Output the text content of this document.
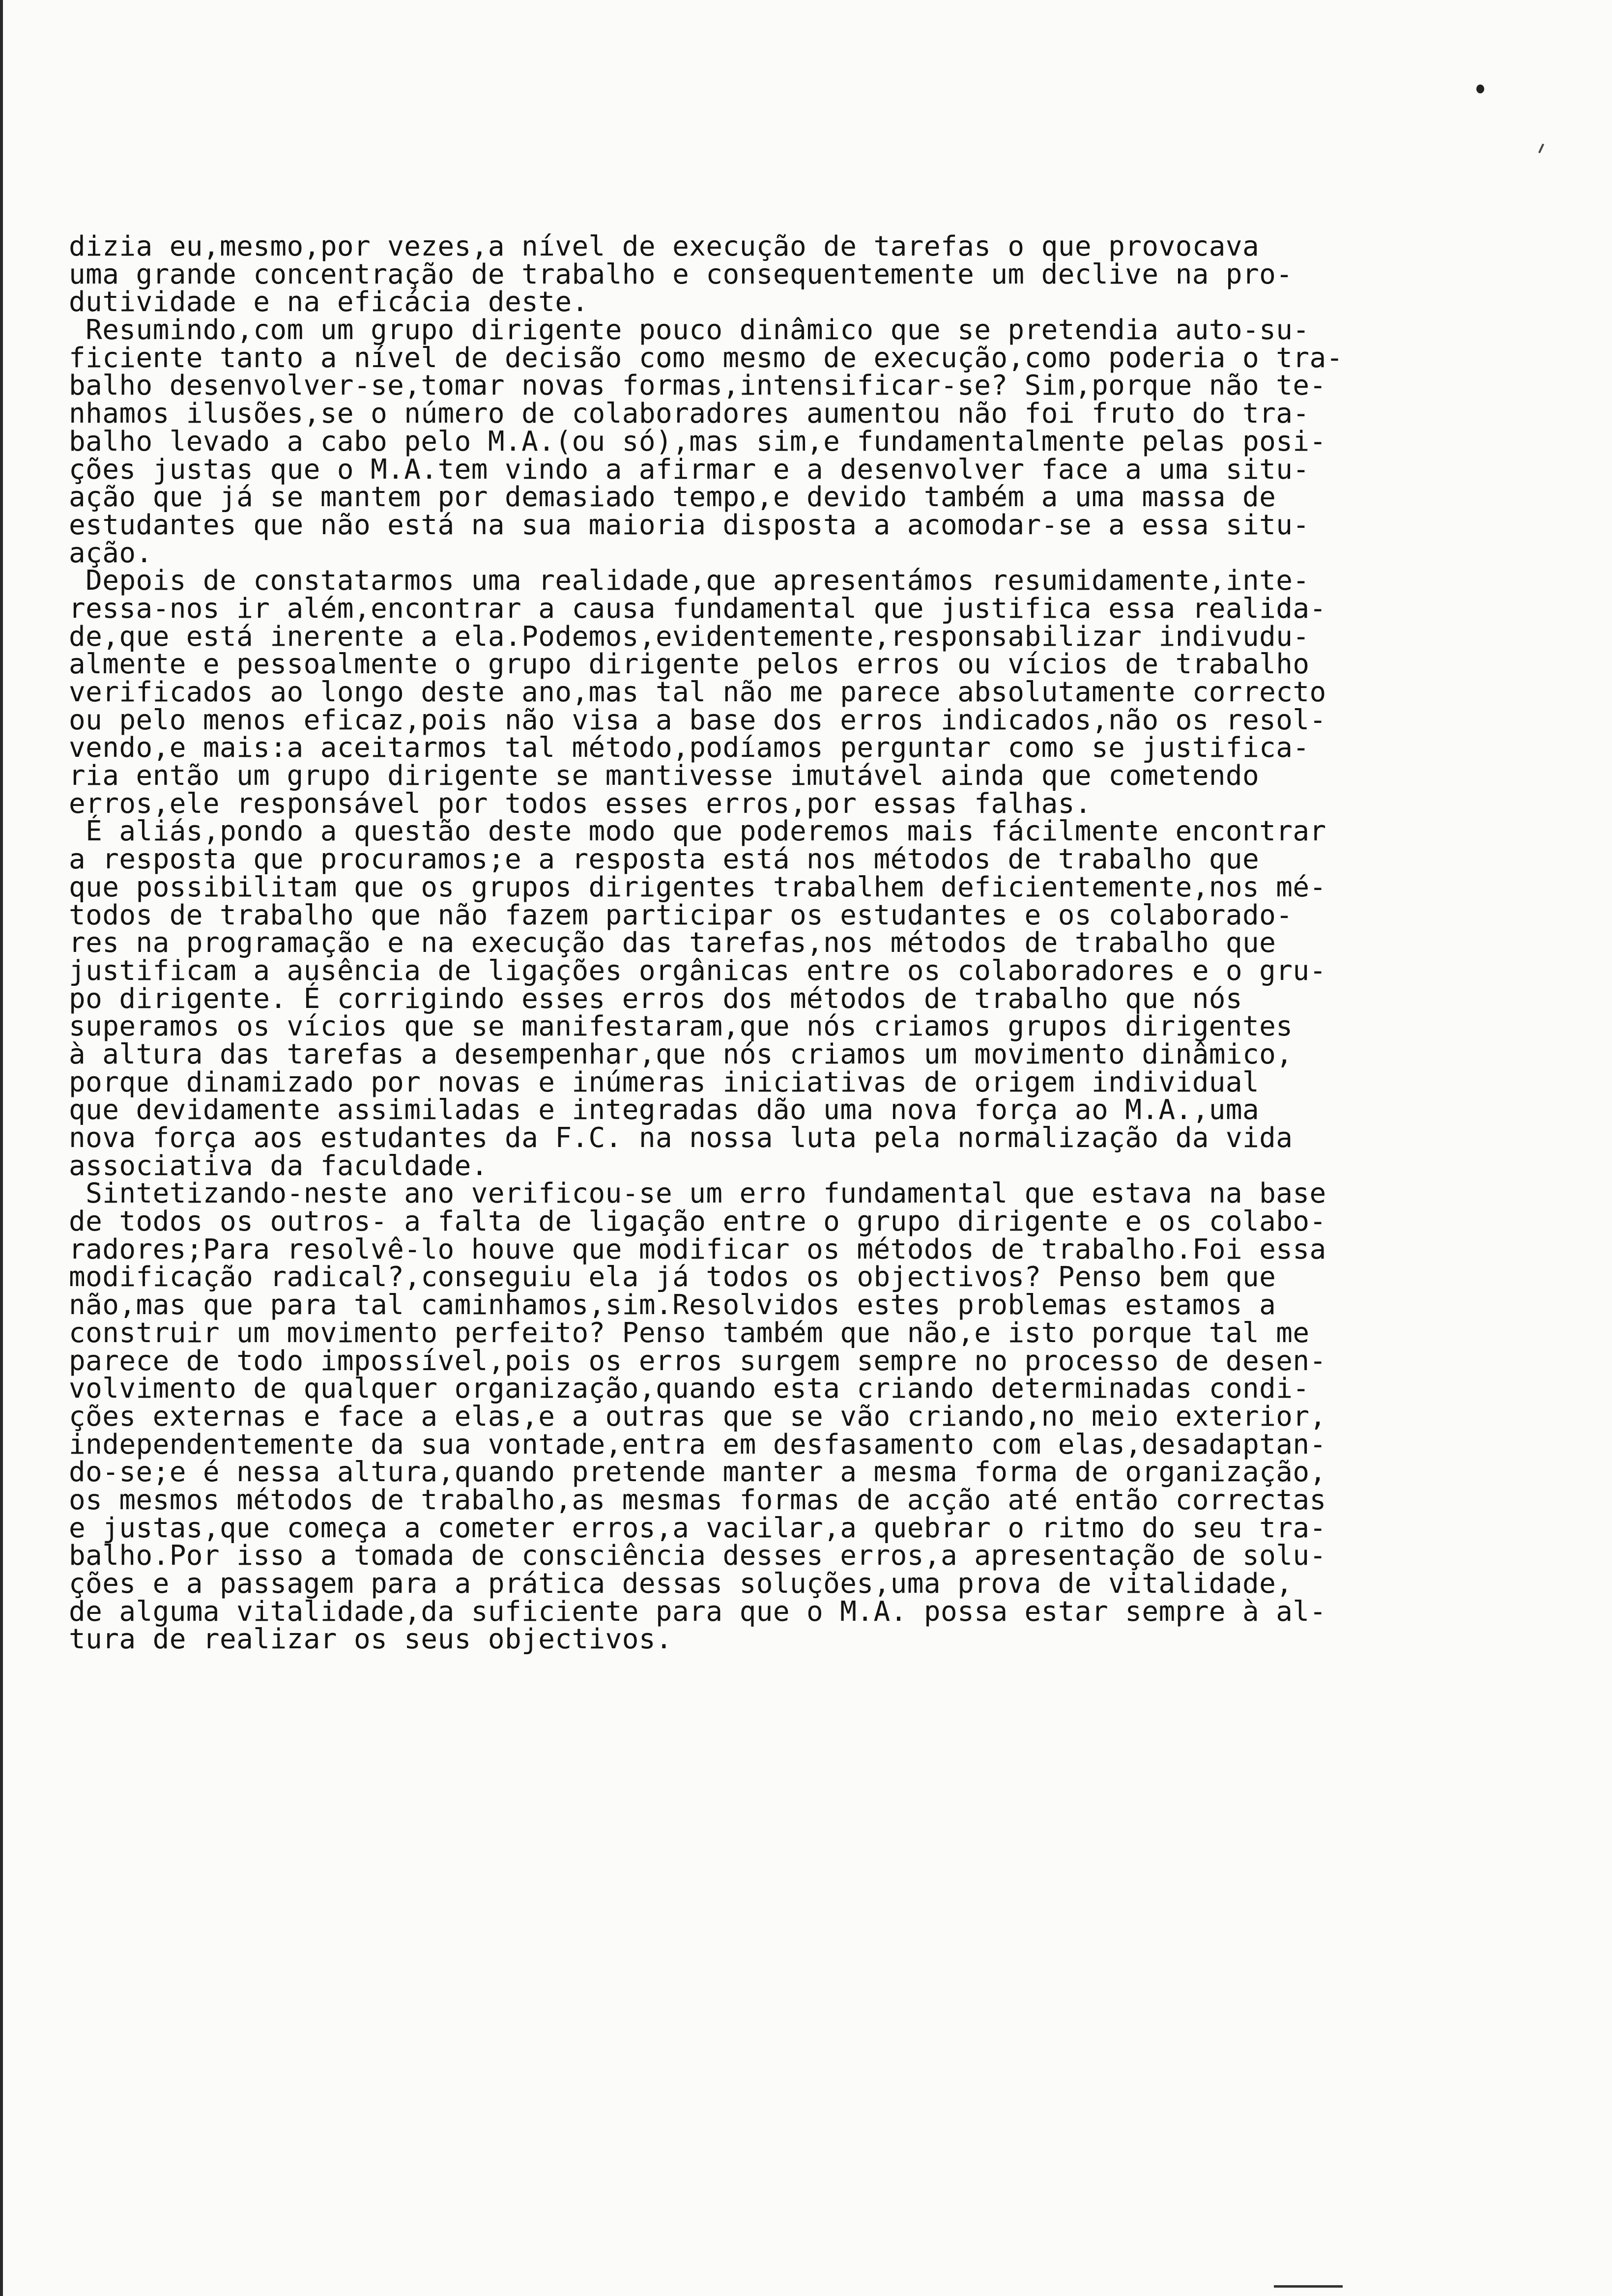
dizia eu,mesmo,por vezes,a nível de execução de tarefas o que provocava
uma grande concentração de trabalho e consequentemente um declive na pro-
dutividade e na eficácia deste.
Resumindo,com um grupo dirigente pouco dinâmico que se pretendia auto-su-
ficiente tanto a nível de decisão como mesmo de execução,como poderia o tra-
balho desenvolver-se,tomar novas formas,intensificar-se? Sim,porque não te-
nhamos ilusões,se o número de colaboradores aumentou não foi fruto do tra-
balho levado a cabo pelo M.A.(ou só),mas sim,e fundamentalmente pelas posi-
ções justas que o M.A.tem vindo a afirmar e a desenvolver face a uma situ-
ação que já se mantem por demasiado tempo,e devido também a uma massa de
estudantes que não está na sua maioria disposta a acomodar-se a essa situ-
ação.
Depois de constatarmos uma realidade,que apresentámos resumidamente,inte-
ressa-nos ir além,encontrar a causa fundamental que justifica essa realida-
de,que está inerente a ela.Podemos,evidentemente,responsabilizar indivudu-
almente e pessoalmente o grupo dirigente pelos erros ou vícios de trabalho
verificados ao longo deste ano,mas tal não me parece absolutamente correcto
ou pelo menos eficaz,pois não visa a base dos erros indicados,não os resol-
vendo,e mais:a aceitarmos tal método,podíamos perguntar como se justifica-
ria então um grupo dirigente se mantivesse imutável ainda que cometendo
erros,ele responsável por todos esses erros,por essas falhas.
É aliás,pondo a questão deste modo que poderemos mais fácilmente encontrar
a resposta que procuramos;e a resposta está nos métodos de trabalho que
que possibilitam que os grupos dirigentes trabalhem deficientemente,nos mé-
todos de trabalho que não fazem participar os estudantes e os colaborado-
res na programação e na execução das tarefas,nos métodos de trabalho que
justificam a ausência de ligações orgânicas entre os colaboradores e o gru-
po dirigente. É corrigindo esses erros dos métodos de trabalho que nós
superamos os vícios que se manifestaram,que nós criamos grupos dirigentes
à altura das tarefas a desempenhar,que nós criamos um movimento dinâmico,
porque dinamizado por novas e inúmeras iniciativas de origem individual
que devidamente assimiladas e integradas dão uma nova força ao M.A.,uma
nova força aos estudantes da F.C. na nossa luta pela normalização da vida
associativa da faculdade.
Sintetizando-neste ano verificou-se um erro fundamental que estava na base
de todos os outros- a falta de ligação entre o grupo dirigente e os colabo-
radores;Para resolvê-lo houve que modificar os métodos de trabalho.Foi essa
modificação radical?,conseguiu ela já todos os objectivos? Penso bem que
não,mas que para tal caminhamos,sim.Resolvidos estes problemas estamos a
construir um movimento perfeito? Penso também que não,e isto porque tal me
parece de todo impossível,pois os erros surgem sempre no processo de desen-
volvimento de qualquer organização,quando esta criando determinadas condi-
ções externas e face a elas,e a outras que se vão criando,no meio exterior,
independentemente da sua vontade,entra em desfasamento com elas,desadaptan-
do-se;e é nessa altura,quando pretende manter a mesma forma de organização,
os mesmos métodos de trabalho,as mesmas formas de acção até então correctas
e justas,que começa a cometer erros,a vacilar,a quebrar o ritmo do seu tra-
balho.Por isso a tomada de consciência desses erros,a apresentação de solu-
ções e a passagem para a prática dessas soluções,uma prova de vitalidade,
de alguma vitalidade,da suficiente para que o M.A. possa estar sempre à al-
tura de realizar os seus objectivos.
